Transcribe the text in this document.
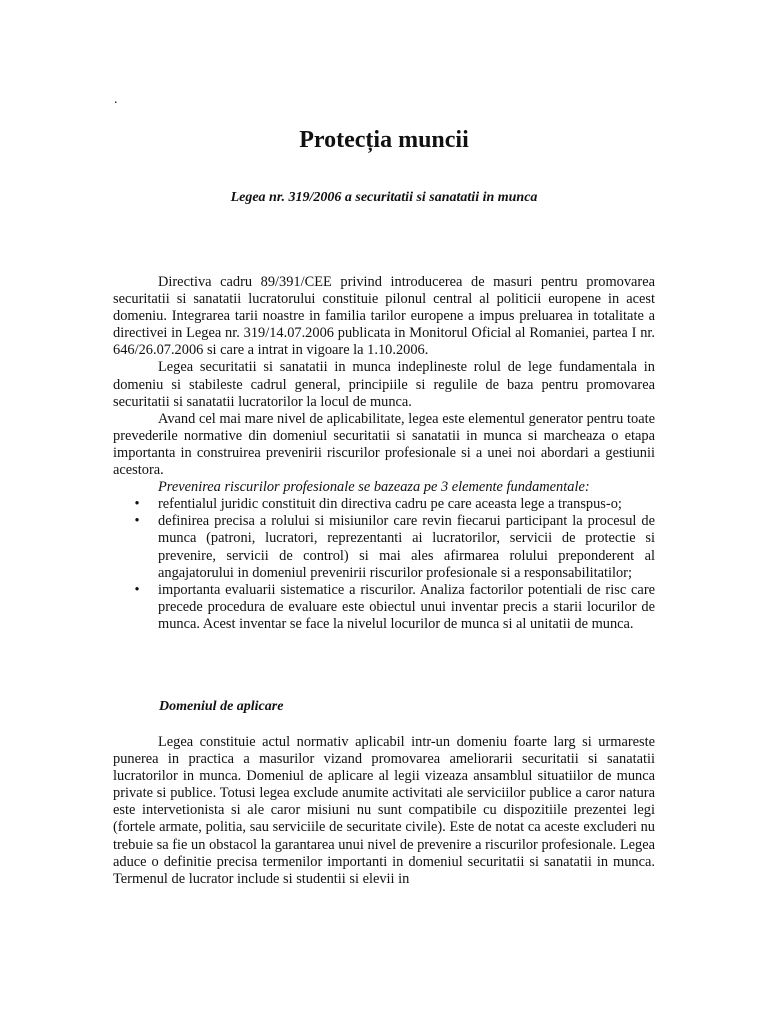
.
Protecția muncii
Legea nr. 319/2006 a securitatii si sanatatii in munca

Directiva cadru 89/391/CEE privind introducerea de masuri pentru promovarea securitatii si sanatatii lucratorului constituie pilonul central al politicii europene in acest domeniu. Integrarea tarii noastre in familia tarilor europene a impus preluarea in totalitate a directivei in Legea nr. 319/14.07.2006 publicata in Monitorul Oficial al Romaniei, partea I nr. 646/26.07.2006 si care a intrat in vigoare la 1.10.2006.

Legea securitatii si sanatatii in munca indeplineste rolul de lege fundamentala in domeniu si stabileste cadrul general, principiile si regulile de baza pentru promovarea securitatii si sanatatii lucratorilor la locul de munca.

Avand cel mai mare nivel de aplicabilitate, legea este elementul generator pentru toate prevederile normative din domeniul securitatii si sanatatii in munca si marcheaza o etapa importanta in construirea prevenirii riscurilor profesionale si a unei noi abordari a gestiunii acestora.

Prevenirea riscurilor profesionale se bazeaza pe 3 elemente fundamentale:

• refentialul juridic constituit din directiva cadru pe care aceasta lege a transpus-o;
• definirea precisa a rolului si misiunilor care revin fiecarui participant la procesul de munca (patroni, lucratori, reprezentanti ai lucratorilor, servicii de protectie si prevenire, servicii de control) si mai ales afirmarea rolului preponderent al angajatorului in domeniul prevenirii riscurilor profesionale si a responsabilitatilor;
• importanta evaluarii sistematice a riscurilor. Analiza factorilor potentiali de risc care precede procedura de evaluare este obiectul unui inventar precis a starii locurilor de munca. Acest inventar se face la nivelul locurilor de munca si al unitatii de munca.
Domeniul de aplicare

Legea constituie actul normativ aplicabil intr-un domeniu foarte larg si urmareste punerea in practica a masurilor vizand promovarea ameliorarii securitatii si sanatatii lucratorilor in munca. Domeniul de aplicare al legii vizeaza ansamblul situatiilor de munca private si publice. Totusi legea exclude anumite activitati ale serviciilor publice a caror natura este intervetionista si ale caror misiuni nu sunt compatibile cu dispozitiile prezentei legi (fortele armate, politia, sau serviciile de securitate civile). Este de notat ca aceste excluderi nu trebuie sa fie un obstacol la garantarea unui nivel de prevenire a riscurilor profesionale. Legea aduce o definitie precisa termenilor importanti in domeniul securitatii si sanatatii in munca. Termenul de lucrator include si studentii si elevii in
